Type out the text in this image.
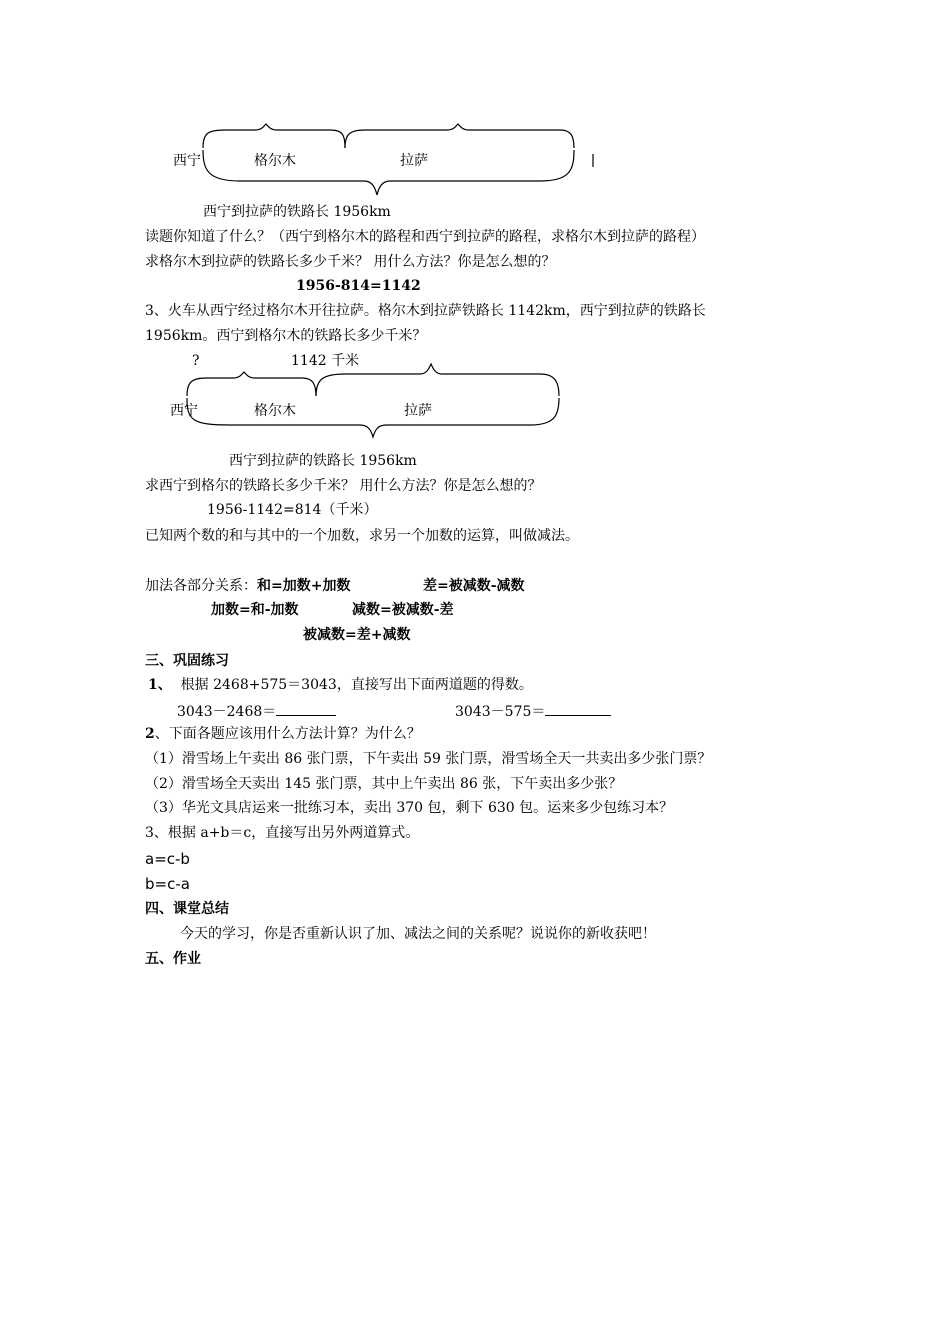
西宁	格尔木	拉萨
西宁到拉萨的铁路长 1956km
读题你知道了什么？（西宁到格尔木的路程和西宁到拉萨的路程，求格尔木到拉萨的路程）
求格尔木到拉萨的铁路长多少千米？ 用什么方法？你是怎么想的？
1956-814=1142
3、火车从西宁经过格尔木开往拉萨。格尔木到拉萨铁路长 1142km，西宁到拉萨的铁路长
1956km。西宁到格尔木的铁路长多少千米？
?	1142 千米
西宁	格尔木	拉萨
西宁到拉萨的铁路长 1956km
求西宁到格尔的铁路长多少千米？ 用什么方法？你是怎么想的？
1956-1142=814（千米）
已知两个数的和与其中的一个加数，求另一个加数的运算，叫做减法。
加法各部分关系：和=加数+加数	差=被减数-减数
加数=和-加数	减数=被减数-差
被减数=差+减数
三、巩固练习
1、 根据 2468+575＝3043，直接写出下面两道题的得数。
3043－2468＝	3043－575＝
2、下面各题应该用什么方法计算？为什么？
（1）滑雪场上午卖出 86 张门票，下午卖出 59 张门票，滑雪场全天一共卖出多少张门票？
（2）滑雪场全天卖出 145 张门票，其中上午卖出 86 张，下午卖出多少张？
（3）华光文具店运来一批练习本，卖出 370 包，剩下 630 包。运来多少包练习本？
3、根据 a+b＝c，直接写出另外两道算式。
a=c-b
b=c-a
四、课堂总结
今天的学习，你是否重新认识了加、减法之间的关系呢？说说你的新收获吧！
五、作业
